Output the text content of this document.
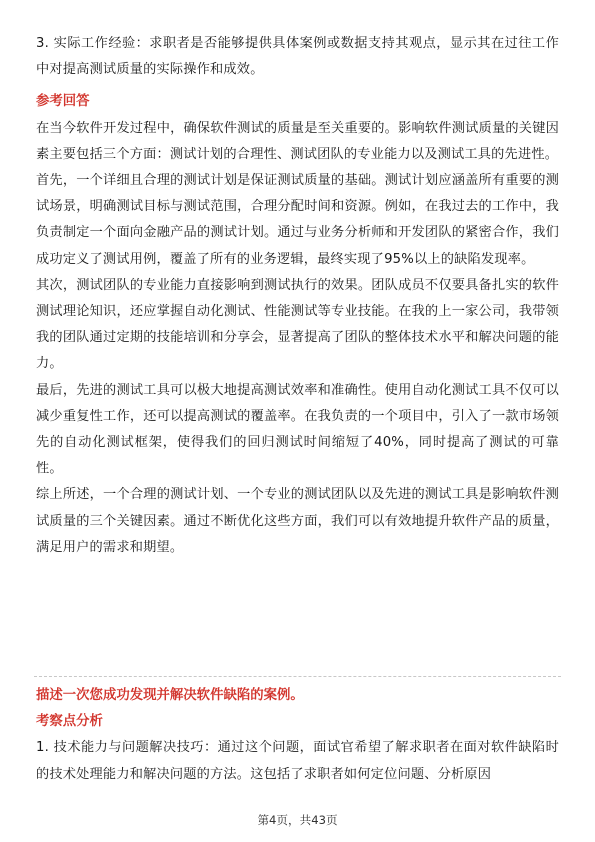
3. 实际工作经验：求职者是否能够提供具体案例或数据支持其观点，显示其在过往工作中对提高测试质量的实际操作和成效。

参考回答

在当今软件开发过程中，确保软件测试的质量是至关重要的。影响软件测试质量的关键因素主要包括三个方面：测试计划的合理性、测试团队的专业能力以及测试工具的先进性。

首先，一个详细且合理的测试计划是保证测试质量的基础。测试计划应涵盖所有重要的测试场景，明确测试目标与测试范围，合理分配时间和资源。例如，在我过去的工作中，我负责制定一个面向金融产品的测试计划。通过与业务分析师和开发团队的紧密合作，我们成功定义了测试用例，覆盖了所有的业务逻辑，最终实现了95%以上的缺陷发现率。

其次，测试团队的专业能力直接影响到测试执行的效果。团队成员不仅要具备扎实的软件测试理论知识，还应掌握自动化测试、性能测试等专业技能。在我的上一家公司，我带领我的团队通过定期的技能培训和分享会，显著提高了团队的整体技术水平和解决问题的能力。

最后，先进的测试工具可以极大地提高测试效率和准确性。使用自动化测试工具不仅可以减少重复性工作，还可以提高测试的覆盖率。在我负责的一个项目中，引入了一款市场领先的自动化测试框架，使得我们的回归测试时间缩短了40%，同时提高了测试的可靠性。

综上所述，一个合理的测试计划、一个专业的测试团队以及先进的测试工具是影响软件测试质量的三个关键因素。通过不断优化这些方面，我们可以有效地提升软件产品的质量，满足用户的需求和期望。

描述一次您成功发现并解决软件缺陷的案例。

考察点分析

1. 技术能力与问题解决技巧：通过这个问题，面试官希望了解求职者在面对软件缺陷时的技术处理能力和解决问题的方法。这包括了求职者如何定位问题、分析原因

第4页，共43页
